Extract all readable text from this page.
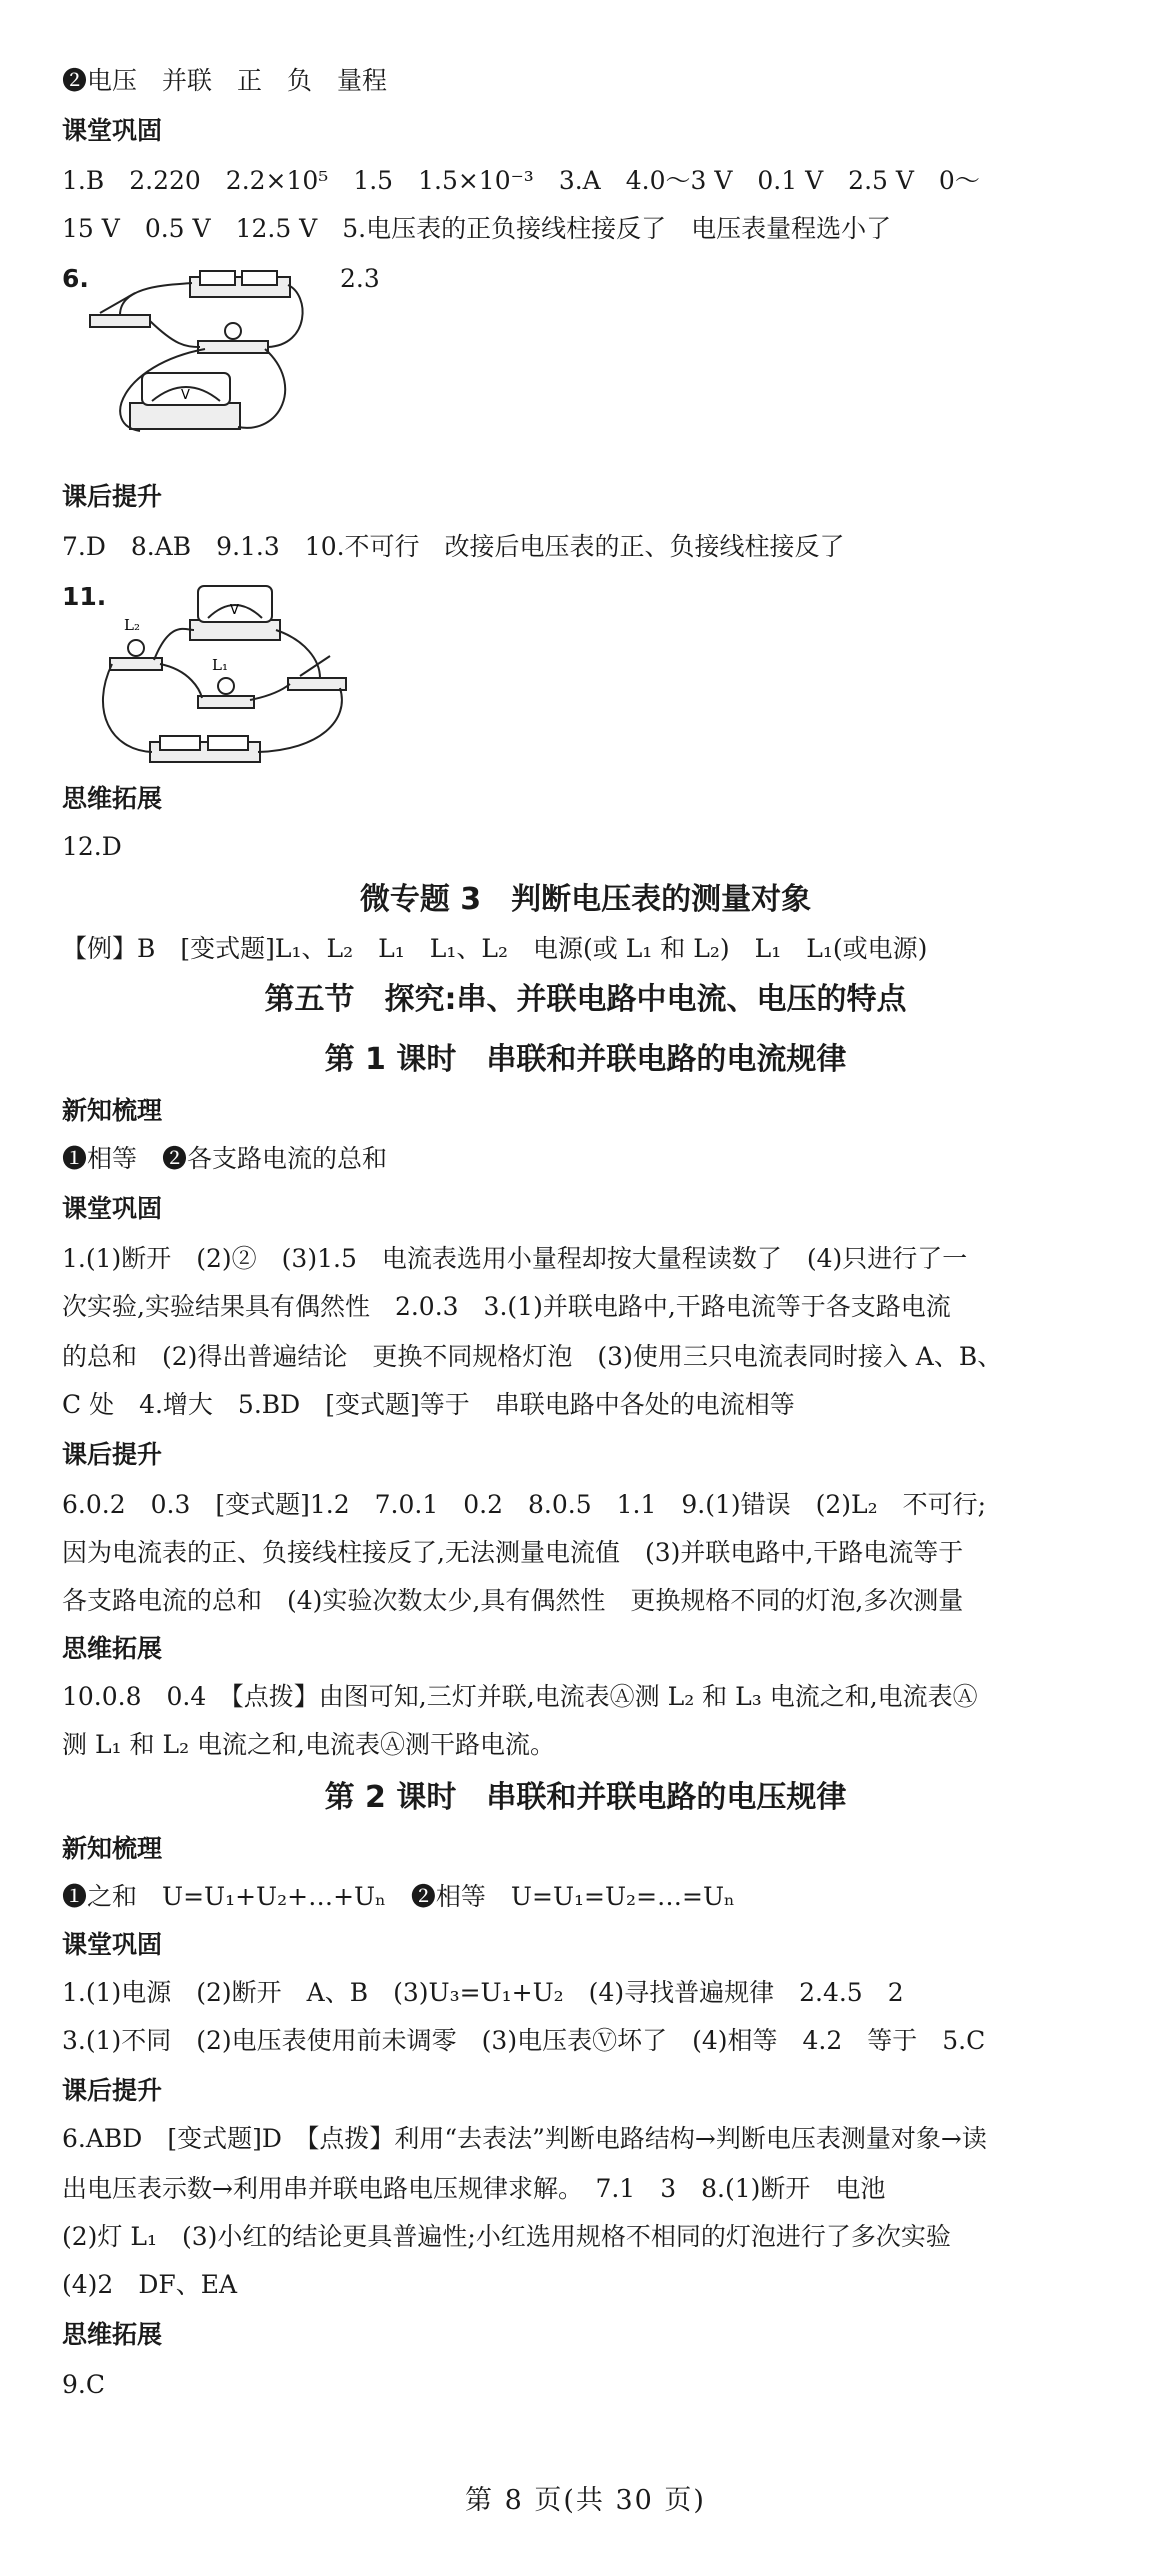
❷电压　并联　正　负　量程
课堂巩固
1.B　2.220　2.2×10⁵　1.5　1.5×10⁻³　3.A　4.0～3 V　0.1 V　2.5 V　0～
15 V　0.5 V　12.5 V　5.电压表的正负接线柱接反了　电压表量程选小了
6.	2.3
V
课后提升
7.D　8.AB　9.1.3　10.不可行　改接后电压表的正、负接线柱接反了
11.	V
L₂
L₁
思维拓展
12.D
微专题 3　判断电压表的测量对象
【例】B　[变式题]L₁、L₂　L₁　L₁、L₂　电源(或 L₁ 和 L₂)　L₁　L₁(或电源)
第五节　探究:串、并联电路中电流、电压的特点
第 1 课时　串联和并联电路的电流规律
新知梳理
❶相等　❷各支路电流的总和
课堂巩固
1.(1)断开　(2)②　(3)1.5　电流表选用小量程却按大量程读数了　(4)只进行了一
次实验,实验结果具有偶然性　2.0.3　3.(1)并联电路中,干路电流等于各支路电流
的总和　(2)得出普遍结论　更换不同规格灯泡　(3)使用三只电流表同时接入 A、B、
C 处　4.增大　5.BD　[变式题]等于　串联电路中各处的电流相等
课后提升
6.0.2　0.3　[变式题]1.2　7.0.1　0.2　8.0.5　1.1　9.(1)错误　(2)L₂　不可行;
因为电流表的正、负接线柱接反了,无法测量电流值　(3)并联电路中,干路电流等于
各支路电流的总和　(4)实验次数太少,具有偶然性　更换规格不同的灯泡,多次测量
思维拓展
10.0.8　0.4　【点拨】由图可知,三灯并联,电流表Ⓐ测 L₂ 和 L₃ 电流之和,电流表Ⓐ
测 L₁ 和 L₂ 电流之和,电流表Ⓐ测干路电流。
第 2 课时　串联和并联电路的电压规律
新知梳理
❶之和　U=U₁+U₂+…+Uₙ　❷相等　U=U₁=U₂=…=Uₙ
课堂巩固
1.(1)电源　(2)断开　A、B　(3)U₃=U₁+U₂　(4)寻找普遍规律　2.4.5　2
3.(1)不同　(2)电压表使用前未调零　(3)电压表Ⓥ坏了　(4)相等　4.2　等于　5.C
课后提升
6.ABD　[变式题]D　【点拨】利用“去表法”判断电路结构→判断电压表测量对象→读
出电压表示数→利用串并联电路电压规律求解。　7.1　3　8.(1)断开　电池
(2)灯 L₁　(3)小红的结论更具普遍性;小红选用规格不相同的灯泡进行了多次实验
(4)2　DF、EA
思维拓展
9.C
第 8 页(共 30 页)
